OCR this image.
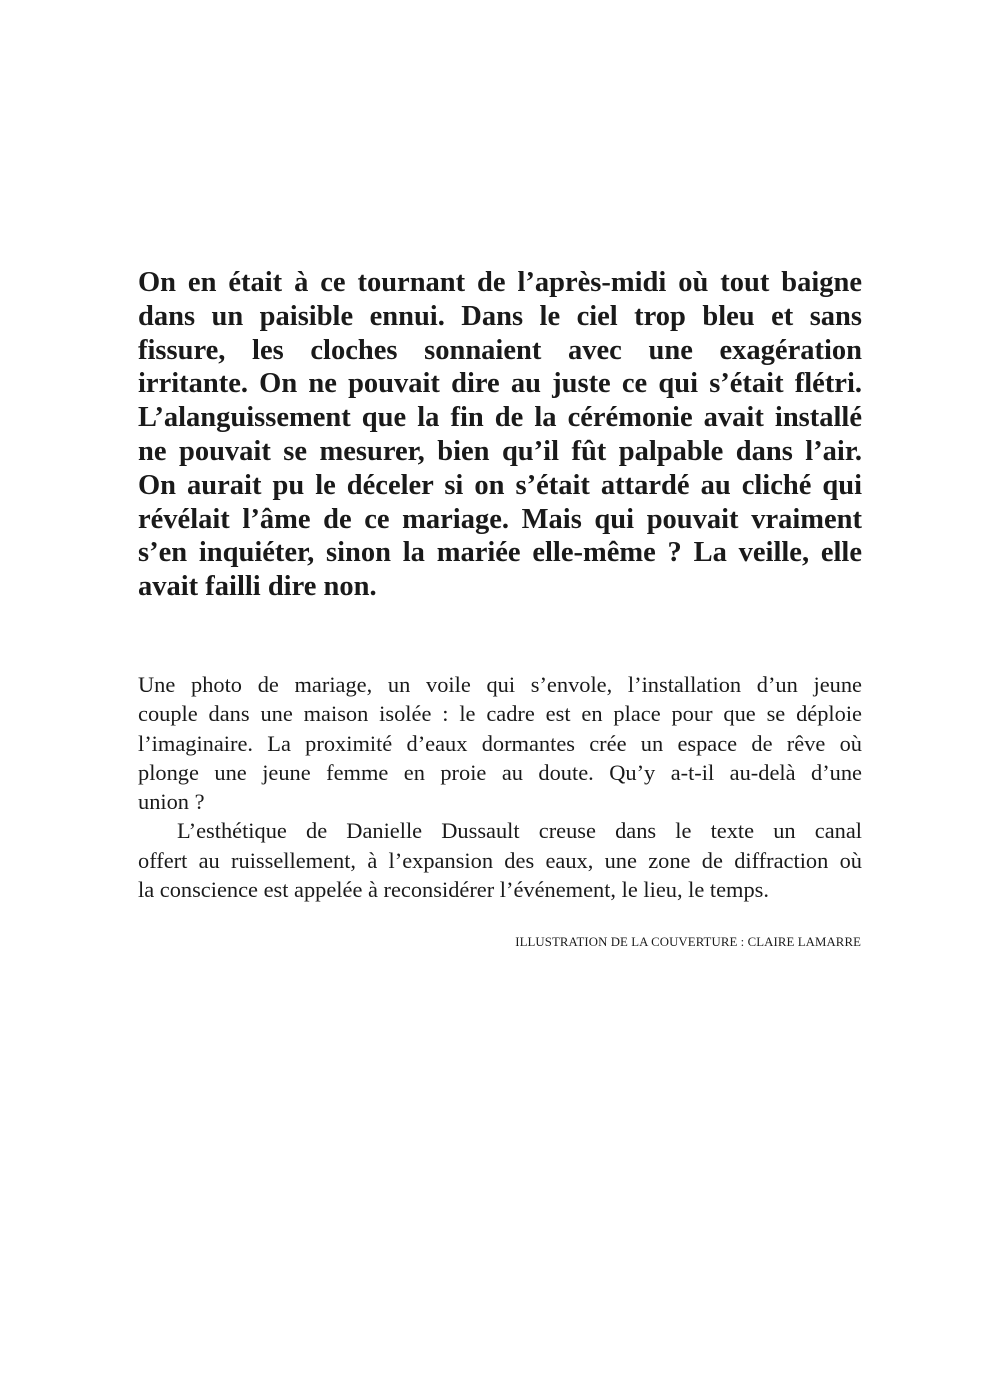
On en était à ce tournant de l’après-midi où tout baigne
dans un paisible ennui. Dans le ciel trop bleu et sans
fissure, les cloches sonnaient avec une exagération
irritante. On ne pouvait dire au juste ce qui s’était flétri.
L’alanguissement que la fin de la cérémonie avait installé
ne pouvait se mesurer, bien qu’il fût palpable dans l’air.
On aurait pu le déceler si on s’était attardé au cliché qui
révélait l’âme de ce mariage. Mais qui pouvait vraiment
s’en inquiéter, sinon la mariée elle-même ? La veille, elle
avait failli dire non.

Une photo de mariage, un voile qui s’envole, l’installation d’un jeune
couple dans une maison isolée : le cadre est en place pour que se déploie
l’imaginaire. La proximité d’eaux dormantes crée un espace de rêve où
plonge une jeune femme en proie au doute. Qu’y a-t-il au-delà d’une
union ?
L’esthétique de Danielle Dussault creuse dans le texte un canal
offert au ruissellement, à l’expansion des eaux, une zone de diffraction où
la conscience est appelée à reconsidérer l’événement, le lieu, le temps.

ILLUSTRATION DE LA COUVERTURE : CLAIRE LAMARRE
